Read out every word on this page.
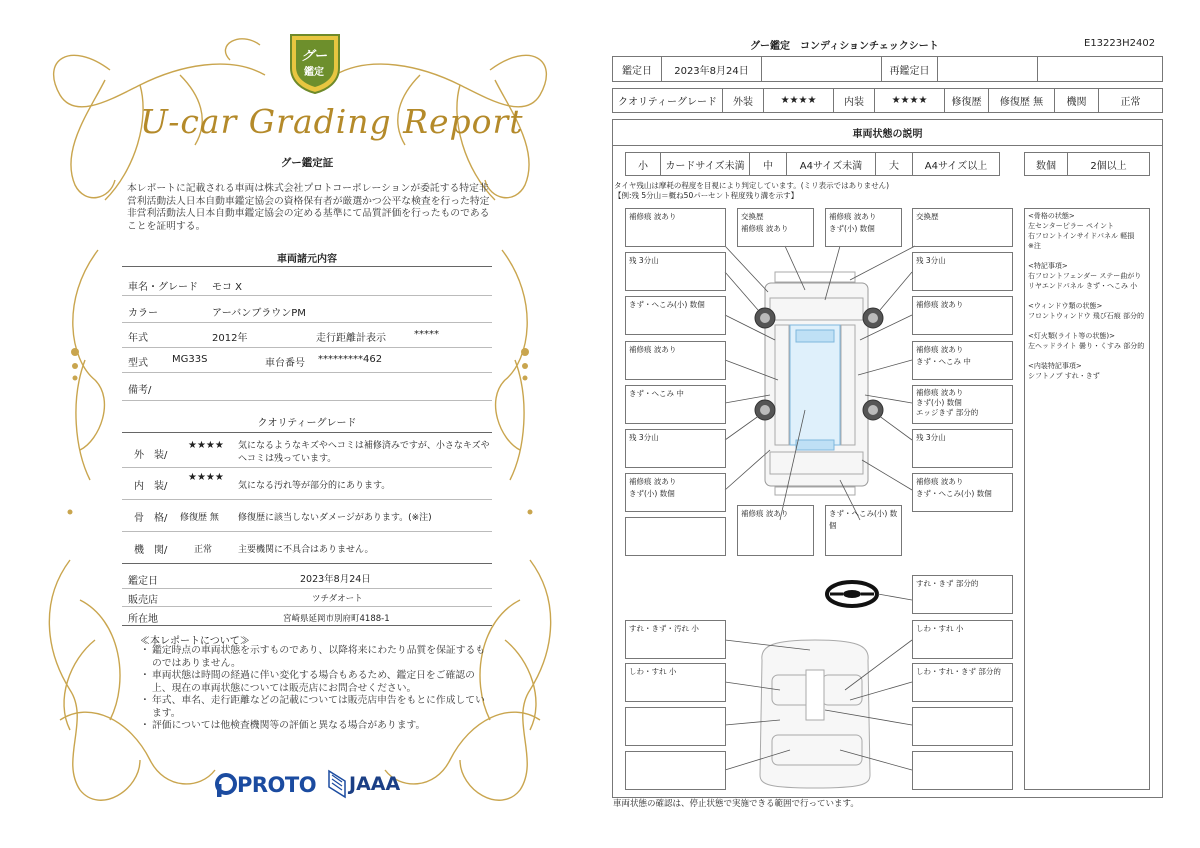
グー
鑑定
U-car Grading Report
グー鑑定証
本レポートに記載される車両は株式会社プロトコーポレーションが委託する特定非営利活動法人日本自動車鑑定協会の資格保有者が厳選かつ公平な検査を行った特定非営利活動法人日本自動車鑑定協会の定める基準にて品質評価を行ったものであることを証明する。
車両諸元内容
車名・グレード モコ X
カラー	アーバンブラウンPM
年式	2012年	走行距離計表示	*****
型式 MG33S	車台番号 *********462
備考/
クオリティーグレード
外　装/
★★★★ 気になるようなキズやヘコミは補修済みですが、小さなキズやヘコミは残っています。
内　装/
★★★★
気になる汚れ等が部分的にあります。
骨　格/ 修復歴 無 修復歴に該当しないダメージがあります。(※注)
機　関/	正常	主要機関に不具合はありません。
鑑定日	2023年8月24日
販売店	ツチダオート
所在地	宮崎県延岡市別府町4188-1
≪本レポートについて≫
・ 鑑定時点の車両状態を示すものであり、以降将来にわたり品質を保証するものではありません。
・ 車両状態は時間の経過に伴い変化する場合もあるため、鑑定日をご確認の上、現在の車両状態については販売店にお問合せください。
・ 年式、車名、走行距離などの記載については販売店申告をもとに作成しています。
・ 評価については他検査機関等の評価と異なる場合があります。
PROTO JAAA
グー鑑定　コンディションチェックシート	E13223H2402
鑑定日	2023年8月24日	再鑑定日
クオリティーグレード	外装	★★★★	内装	★★★★	修復歴	修復歴 無	機関	正常
車両状態の説明
小	カードサイズ未満	中	A4サイズ未満	大	A4サイズ以上	数個	2個以上
タイヤ残山は摩耗の程度を目視により判定しています。(ミリ表示ではありません)
【例:残 5分山＝概ね50パーセント程度残り溝を示す】
補修痕 波あり
残 3分山
きず・へこみ(小) 数個
補修痕 波あり
きず・へこみ 中
残 3分山
補修痕 波あり
きず(小) 数個
交換歴
補修痕 波あり
補修痕 波あり
きず(小) 数個
交換歴
残 3分山
補修痕 波あり
補修痕 波あり
きず・へこみ 中
補修痕 波あり
きず(小) 数個
エッジきず 部分的
残 3分山
補修痕 波あり
きず・へこみ(小) 数個
補修痕 波あり	きず・へこみ(小) 数個
すれ・きず 部分的
すれ・きず・汚れ 小
しわ・すれ 小
しわ・すれ 小
しわ・すれ・きず 部分的
<骨格の状態>
左センターピラー ペイント
右フロントインサイドパネル 軽損
※注
<特記事項>
右フロントフェンダー ステー曲がり
リヤエンドパネル きず・へこみ 小
<ウィンドウ類の状態>
フロントウィンドウ 飛び石痕 部分的
<灯火類(ライト等の状態)>
左ヘッドライト 曇り・くすみ 部分的
<内装特記事項>
シフトノブ すれ・きず
車両状態の確認は、停止状態で実施できる範囲で行っています。
